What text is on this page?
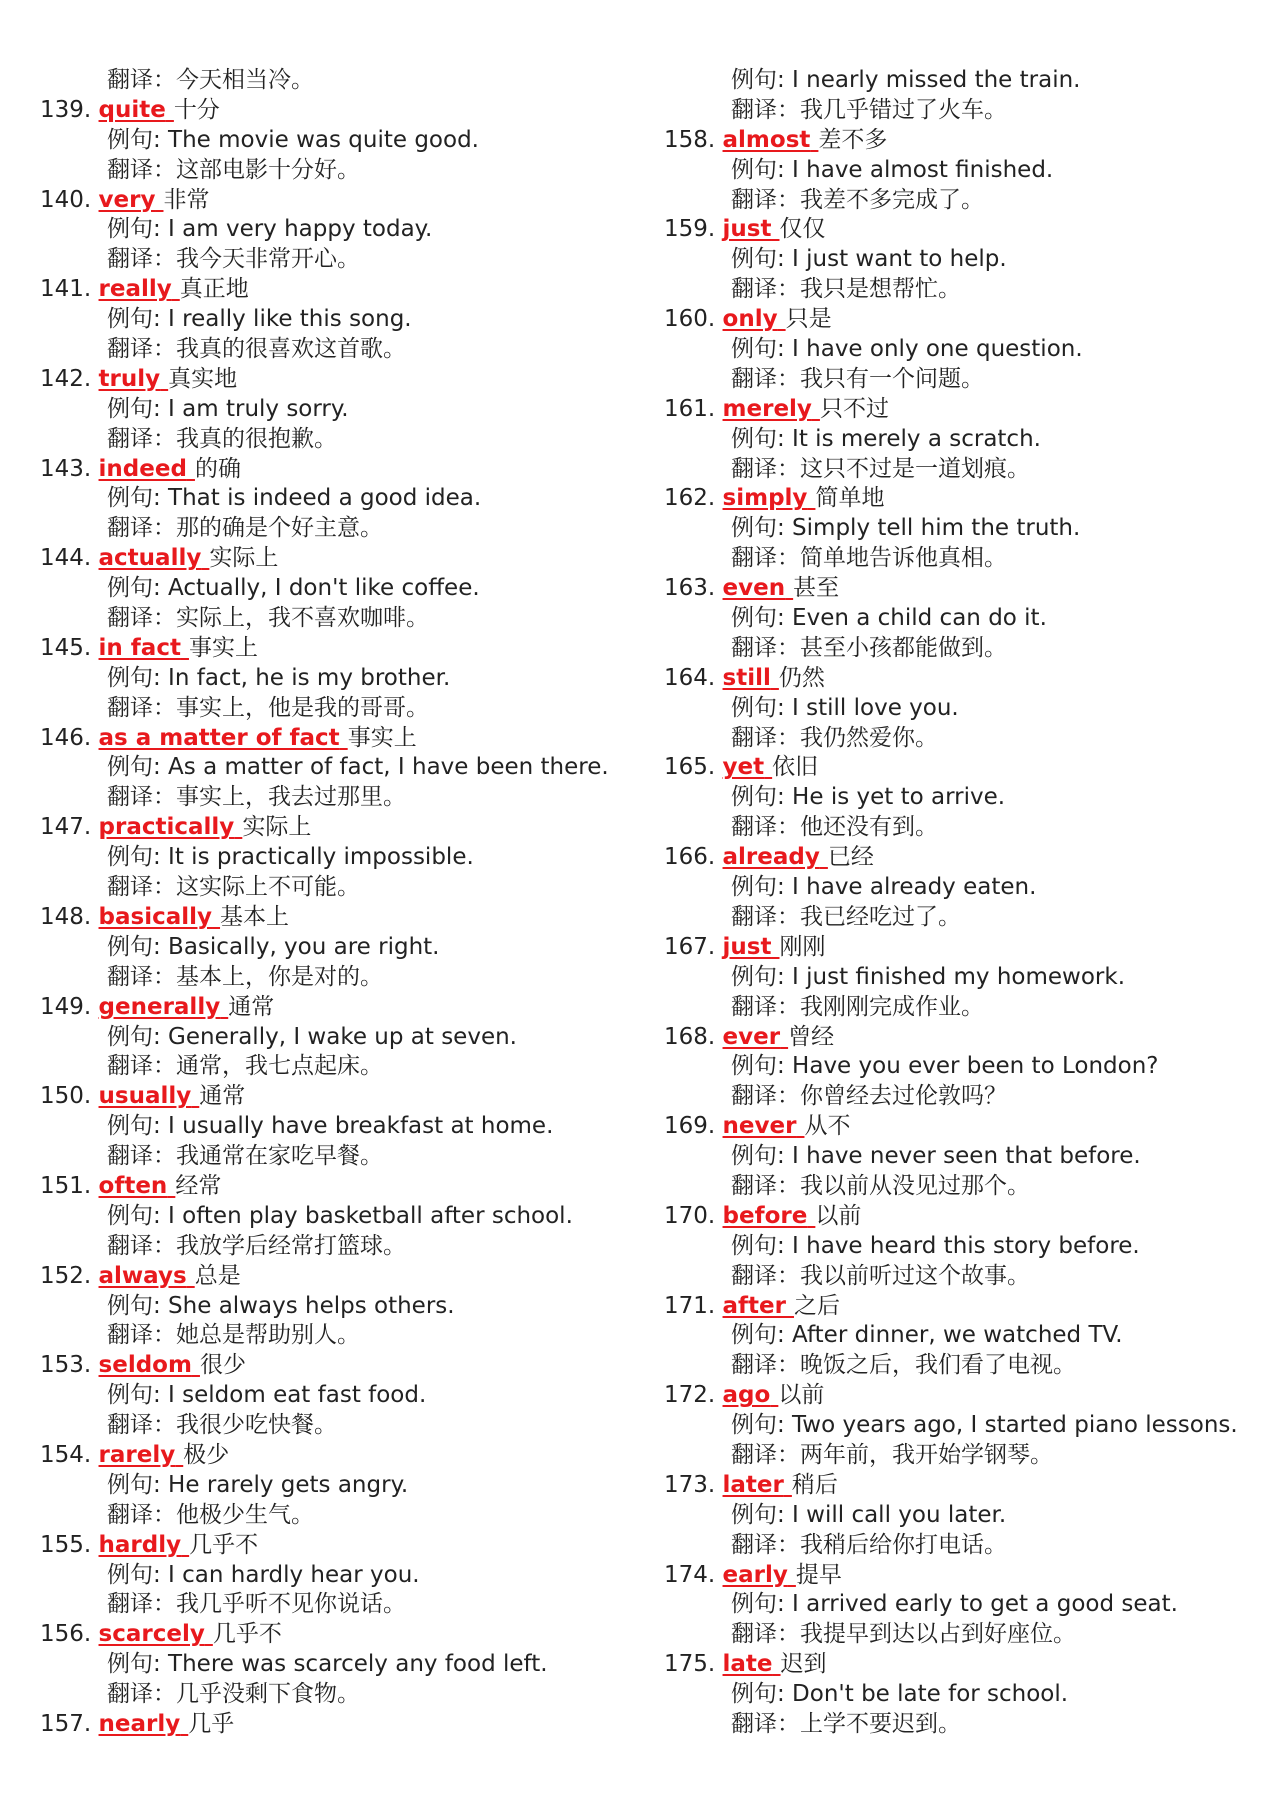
翻译：今天相当冷。
139. quite 十分
例句: The movie was quite good.
翻译：这部电影十分好。
140. very 非常
例句: I am very happy today.
翻译：我今天非常开心。
141. really 真正地
例句: I really like this song.
翻译：我真的很喜欢这首歌。
142. truly 真实地
例句: I am truly sorry.
翻译：我真的很抱歉。
143. indeed 的确
例句: That is indeed a good idea.
翻译：那的确是个好主意。
144. actually 实际上
例句: Actually, I don't like coffee.
翻译：实际上，我不喜欢咖啡。
145. in fact 事实上
例句: In fact, he is my brother.
翻译：事实上，他是我的哥哥。
146. as a matter of fact 事实上
例句: As a matter of fact, I have been there.
翻译：事实上，我去过那里。
147. practically 实际上
例句: It is practically impossible.
翻译：这实际上不可能。
148. basically 基本上
例句: Basically, you are right.
翻译：基本上，你是对的。
149. generally 通常
例句: Generally, I wake up at seven.
翻译：通常，我七点起床。
150. usually 通常
例句: I usually have breakfast at home.
翻译：我通常在家吃早餐。
151. often 经常
例句: I often play basketball after school.
翻译：我放学后经常打篮球。
152. always 总是
例句: She always helps others.
翻译：她总是帮助别人。
153. seldom 很少
例句: I seldom eat fast food.
翻译：我很少吃快餐。
154. rarely 极少
例句: He rarely gets angry.
翻译：他极少生气。
155. hardly 几乎不
例句: I can hardly hear you.
翻译：我几乎听不见你说话。
156. scarcely 几乎不
例句: There was scarcely any food left.
翻译：几乎没剩下食物。
157. nearly 几乎
例句: I nearly missed the train.
翻译：我几乎错过了火车。
158. almost 差不多
例句: I have almost finished.
翻译：我差不多完成了。
159. just 仅仅
例句: I just want to help.
翻译：我只是想帮忙。
160. only 只是
例句: I have only one question.
翻译：我只有一个问题。
161. merely 只不过
例句: It is merely a scratch.
翻译：这只不过是一道划痕。
162. simply 简单地
例句: Simply tell him the truth.
翻译：简单地告诉他真相。
163. even 甚至
例句: Even a child can do it.
翻译：甚至小孩都能做到。
164. still 仍然
例句: I still love you.
翻译：我仍然爱你。
165. yet 依旧
例句: He is yet to arrive.
翻译：他还没有到。
166. already 已经
例句: I have already eaten.
翻译：我已经吃过了。
167. just 刚刚
例句: I just finished my homework.
翻译：我刚刚完成作业。
168. ever 曾经
例句: Have you ever been to London?
翻译：你曾经去过伦敦吗？
169. never 从不
例句: I have never seen that before.
翻译：我以前从没见过那个。
170. before 以前
例句: I have heard this story before.
翻译：我以前听过这个故事。
171. after 之后
例句: After dinner, we watched TV.
翻译：晚饭之后，我们看了电视。
172. ago 以前
例句: Two years ago, I started piano lessons.
翻译：两年前，我开始学钢琴。
173. later 稍后
例句: I will call you later.
翻译：我稍后给你打电话。
174. early 提早
例句: I arrived early to get a good seat.
翻译：我提早到达以占到好座位。
175. late 迟到
例句: Don't be late for school.
翻译：上学不要迟到。
